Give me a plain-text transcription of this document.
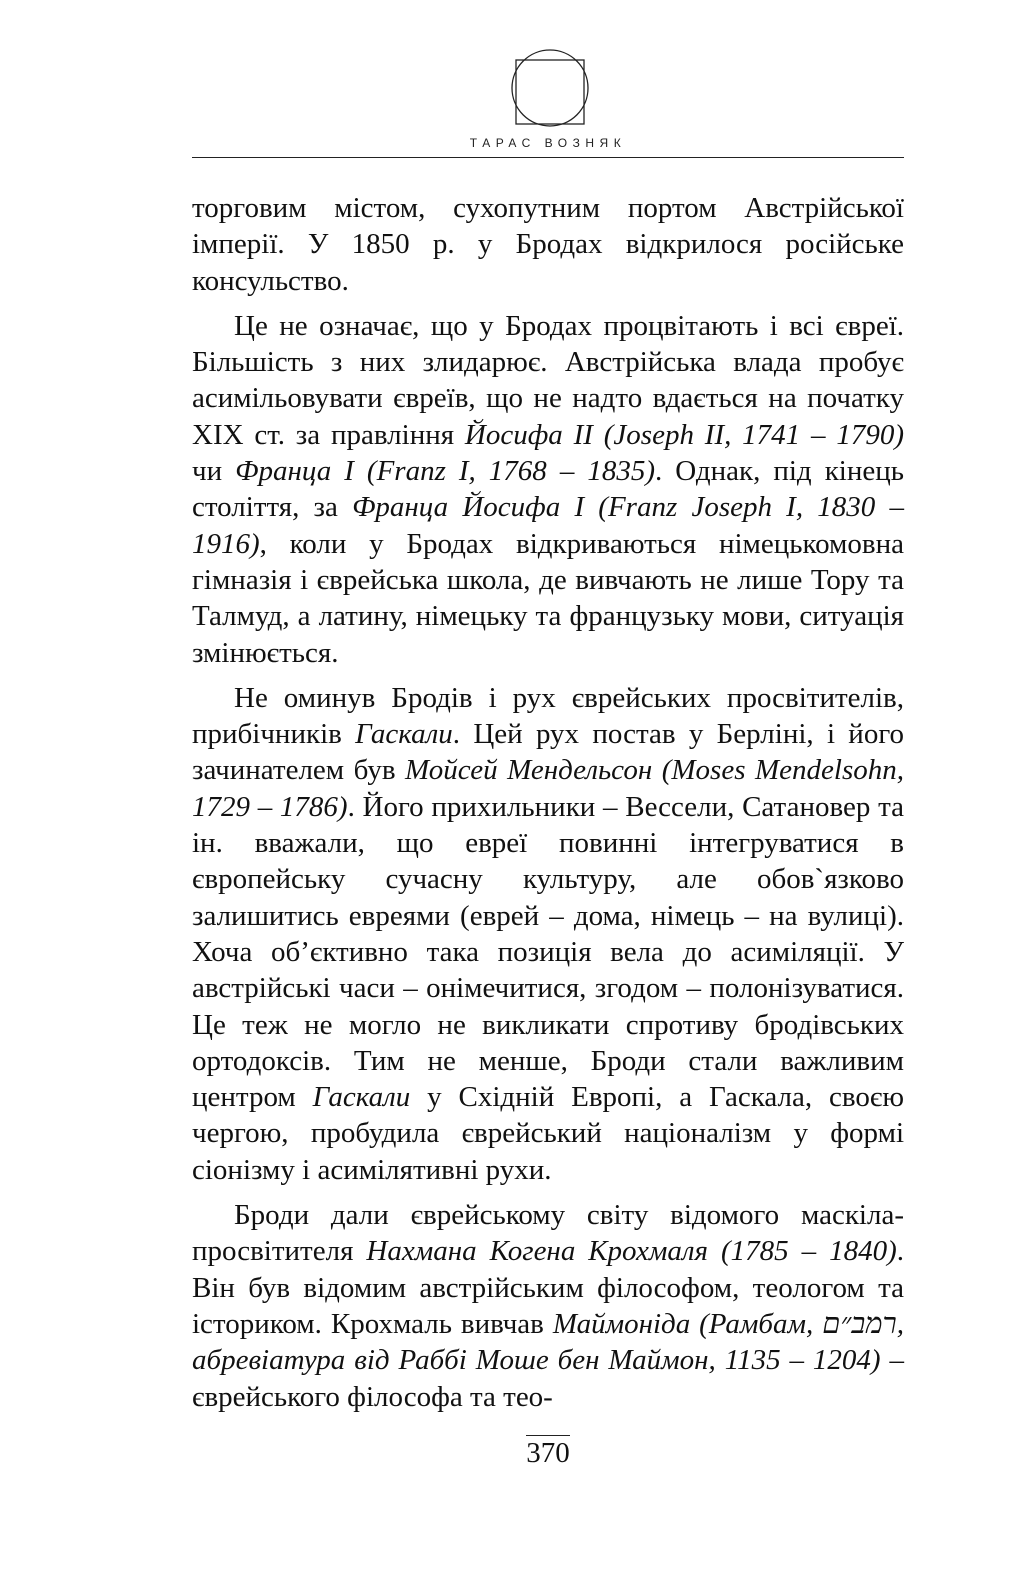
ТАРАС ВОЗНЯК

торговим містом, сухопутним портом Австрійської імперії. У 1850 р. у Бродах відкрилося російське консульство.

Це не означає, що у Бродах процвітають і всі євреї. Більшість з них злидарює. Австрійська влада пробує асимільовувати євреїв, що не надто вдається на початку XIX ст. за правління Йосифа II (Joseph II, 1741 – 1790) чи Франца I (Franz I, 1768 – 1835). Однак, під кінець століття, за Франца Йосифа I (Franz Joseph I, 1830 – 1916), коли у Бродах відкриваються німецькомовна гімназія і єврейська школа, де вивчають не лише Тору та Талмуд, а латину, німецьку та французьку мови, ситуація змінюється.

Не оминув Бродів і рух єврейських просвітителів, прибічників Гаскали. Цей рух постав у Берліні, і його зачинателем був Мойсей Мендельсон (Moses Mendelsohn, 1729 – 1786). Його прихильники – Вессели, Сатановер та ін. вважали, що евреї повинні інтегруватися в європейську сучасну культуру, але обов`язково залишитись евреями (еврей – дома, німець – на вулиці). Хоча об’єктивно така позиція вела до асиміляції. У австрійські часи – онімечитися, згодом – полонізуватися. Це теж не могло не викликати спротиву бродівських ортодоксів. Тим не менше, Броди стали важливим центром Гаскали у Східній Европі, а Гаскала, своєю чергою, пробудила єврейський націоналізм у формі сіонізму і асимілятивні рухи.

Броди дали єврейському світу відомого маскіла-просвітителя Нахмана Когена Крохмаля (1785 – 1840). Він був відомим австрійським філософом, теологом та істориком. Крохмаль вивчав Маймоніда (Рамбам, רמב״ם, абревіатура від Раббі Моше бен Маймон, 1135 – 1204) – єврейського філософа та тео-

370
